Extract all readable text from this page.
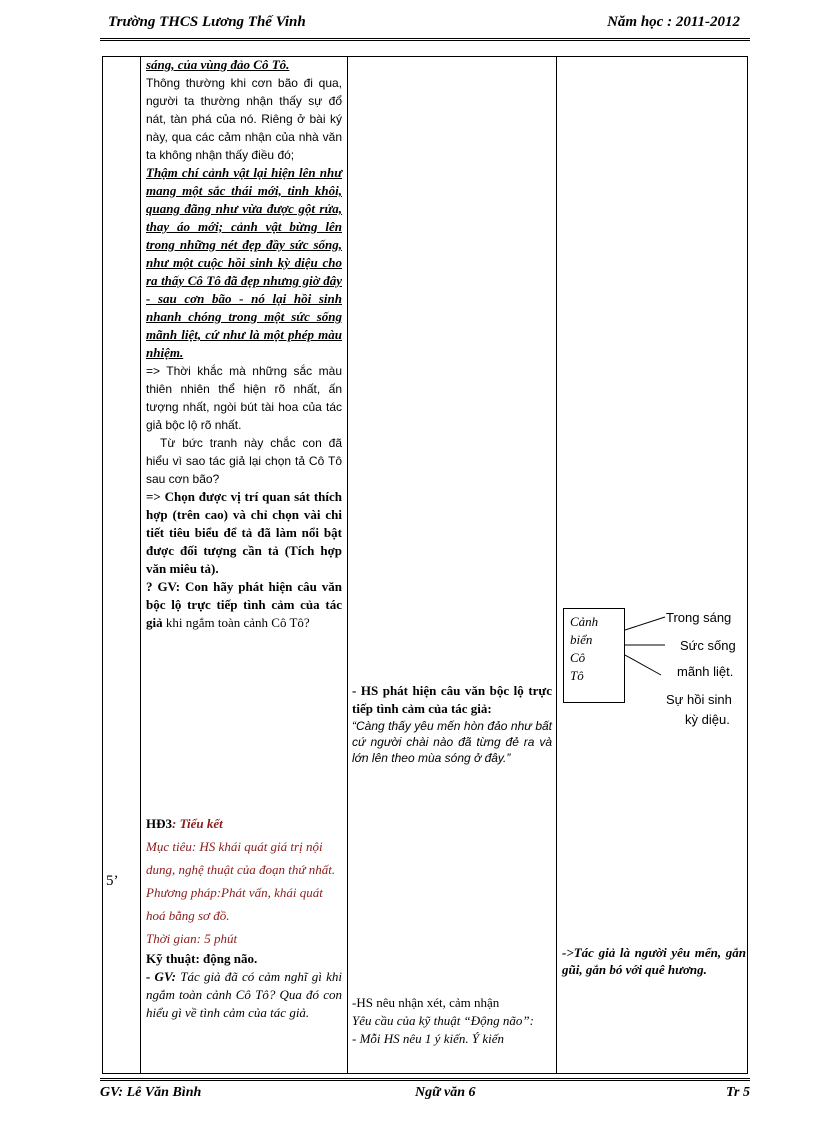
Trường THCS Lương Thế Vinh	Năm học : 2011-2012
5’

sáng, của vùng đảo Cô Tô.

Thông thường khi cơn bão đi qua, người ta thường nhận thấy sự đổ nát, tàn phá của nó. Riêng ở bài ký này, qua các cảm nhận của nhà văn ta không nhận thấy điều đó;

Thậm chí cảnh vật lại hiện lên như mang một sắc thái mới, tinh khôi, quang đãng như vừa được gột rửa, thay áo mới; cảnh vật bừng lên trong những nét đẹp đầy sức sống, như một cuộc hồi sinh kỳ diệu cho ra thấy Cô Tô đã đẹp nhưng giờ đây - sau cơn bão - nó lại hồi sinh nhanh chóng trong một sức sống mãnh liệt, cứ như là một phép màu nhiệm.

=> Thời khắc mà những sắc màu thiên nhiên thể hiện rõ nhất, ấn tượng nhất, ngòi bút tài hoa của tác giả bộc lộ rõ nhất.

Từ bức tranh này chắc con đã hiểu vì sao tác giả lại chọn tả Cô Tô sau cơn bão?

=> Chọn được vị trí quan sát thích hợp (trên cao) và chỉ chọn vài chi tiết tiêu biểu để tả đã làm nổi bật được đối tượng cần tả (Tích hợp văn miêu tả).

? GV: Con hãy phát hiện câu văn bộc lộ trực tiếp tình cảm của tác giả khi ngắm toàn cảnh Cô Tô?

HĐ3: Tiểu kết

Mục tiêu: HS khái quát giá trị nội dung, nghệ thuật của đoạn thứ nhất.

Phương pháp:Phát vấn, khái quát hoá bằng sơ đồ.

Thời gian: 5 phút

Kỹ thuật: động não.

- GV: Tác giả đã có cảm nghĩ gì khi ngắm toàn cảnh Cô Tô? Qua đó con hiểu gì về tình cảm của tác giả.

- HS phát hiện câu văn bộc lộ trực tiếp tình cảm của tác giả:

“Càng thấy yêu mến hòn đảo như bất cứ người chài nào đã từng đẻ ra và lớn lên theo mùa sóng ở đây.”

-HS nêu nhận xét, cảm nhận

Yêu cầu của kỹ thuật “Động não”:

- Mỗi HS nêu 1 ý kiến. Ý kiến

Cảnh
biển
Cô
Tô
Trong sáng
Sức sống
mãnh liệt.
Sự hồi sinh
kỳ diệu.
->Tác giả là người yêu mến, gắn gũi, gắn bó với quê hương.
GV: Lê Văn Bình	Ngữ văn 6	Tr 5
